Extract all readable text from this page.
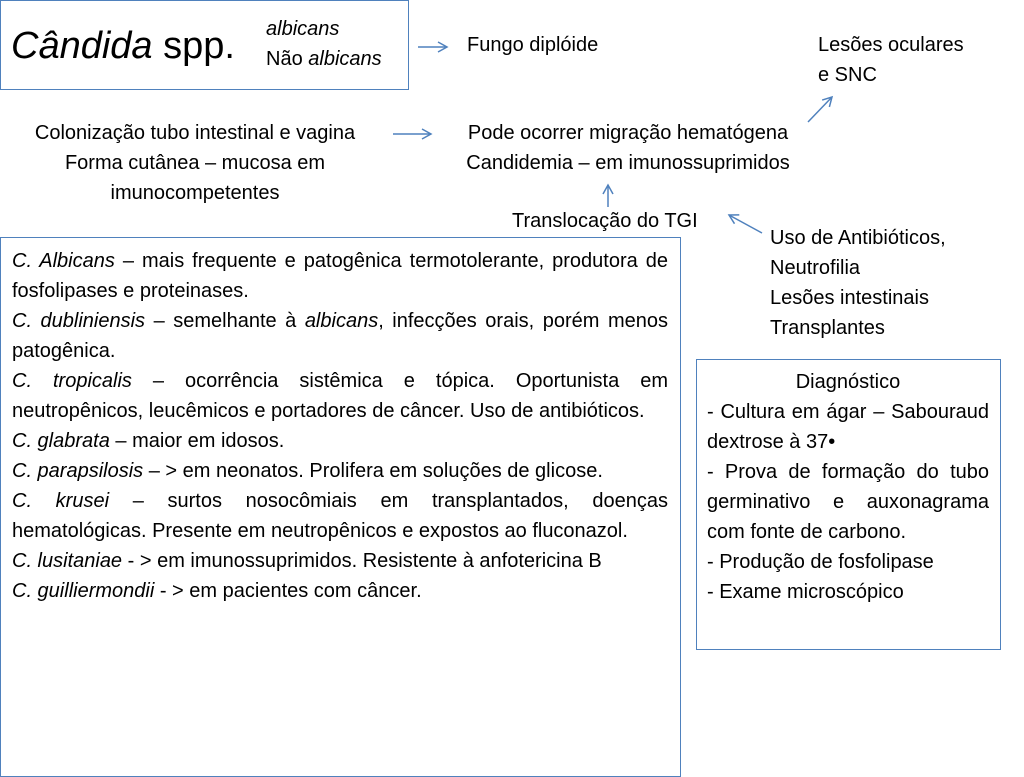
Cândida spp. albicans
Não albicans
Fungo diplóide	Lesões oculares
e SNC
Colonização tubo intestinal e vagina
Forma cutânea – mucosa em
imunocompetentes
Pode ocorrer migração hematógena
Candidemia – em imunossuprimidos
Translocação do TGI
Uso de Antibióticos,
Neutrofilia
Lesões intestinais
Transplantes

C. Albicans – mais frequente e patogênica termotolerante, produtora de fosfolipases e proteinases.

C. dubliniensis – semelhante à albicans, infecções orais, porém menos patogênica.

C. tropicalis – ocorrência sistêmica e tópica. Oportunista em neutropênicos, leucêmicos e portadores de câncer. Uso de antibióticos.

C. glabrata – maior em idosos.

C. parapsilosis – > em neonatos. Prolifera em soluções de glicose.

C. krusei – surtos nosocômiais em transplantados, doenças hematológicas. Presente em neutropênicos e expostos ao fluconazol.

C. lusitaniae - > em imunossuprimidos. Resistente à anfotericina B

C. guilliermondii - > em pacientes com câncer.

Diagnóstico

- Cultura em ágar – Sabouraud dextrose à 37•

- Prova de formação do tubo germinativo e auxonagrama com fonte de carbono.

- Produção de fosfolipase

- Exame microscópico
